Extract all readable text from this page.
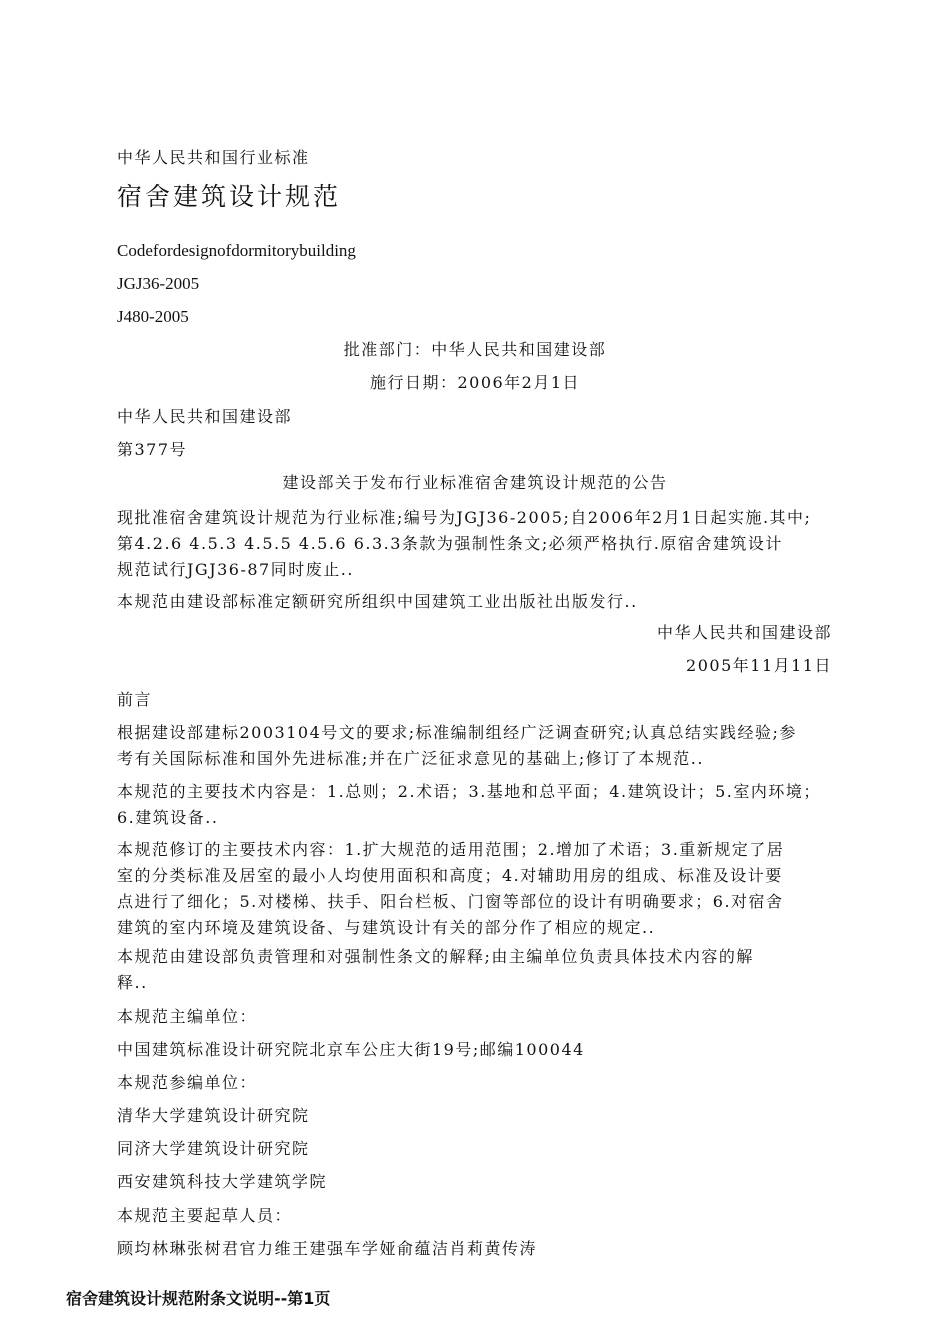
中华人民共和国行业标准

宿舍建筑设计规范

Codefordesignofdormitorybuilding

JGJ36-2005

J480-2005

批准部门：中华人民共和国建设部

施行日期：2006年2月1日

中华人民共和国建设部

第377号

建设部关于发布行业标准宿舍建筑设计规范的公告

现批准宿舍建筑设计规范为行业标准;编号为JGJ36-2005;自2006年2月1日起实施.其中;
第4.2.6 4.5.3 4.5.5 4.5.6 6.3.3条款为强制性条文;必须严格执行.原宿舍建筑设计
规范试行JGJ36-87同时废止..

本规范由建设部标准定额研究所组织中国建筑工业出版社出版发行..

中华人民共和国建设部

2005年11月11日

前言

根据建设部建标2003104号文的要求;标准编制组经广泛调查研究;认真总结实践经验;参
考有关国际标准和国外先进标准;并在广泛征求意见的基础上;修订了本规范..
本规范的主要技术内容是：1.总则；2.术语；3.基地和总平面；4.建筑设计；5.室内环境；
6.建筑设备..
本规范修订的主要技术内容：1.扩大规范的适用范围；2.增加了术语；3.重新规定了居
室的分类标准及居室的最小人均使用面积和高度；4.对辅助用房的组成、标准及设计要
点进行了细化；5.对楼梯、扶手、阳台栏板、门窗等部位的设计有明确要求；6.对宿舍
建筑的室内环境及建筑设备、与建筑设计有关的部分作了相应的规定..
本规范由建设部负责管理和对强制性条文的解释;由主编单位负责具体技术内容的解
释..

本规范主编单位：

中国建筑标准设计研究院北京车公庄大街19号;邮编100044

本规范参编单位：

清华大学建筑设计研究院

同济大学建筑设计研究院

西安建筑科技大学建筑学院

本规范主要起草人员：

顾均林琳张树君官力维王建强车学娅俞蕴洁肖莉黄传涛

宿舍建筑设计规范附条文说明--第1页
